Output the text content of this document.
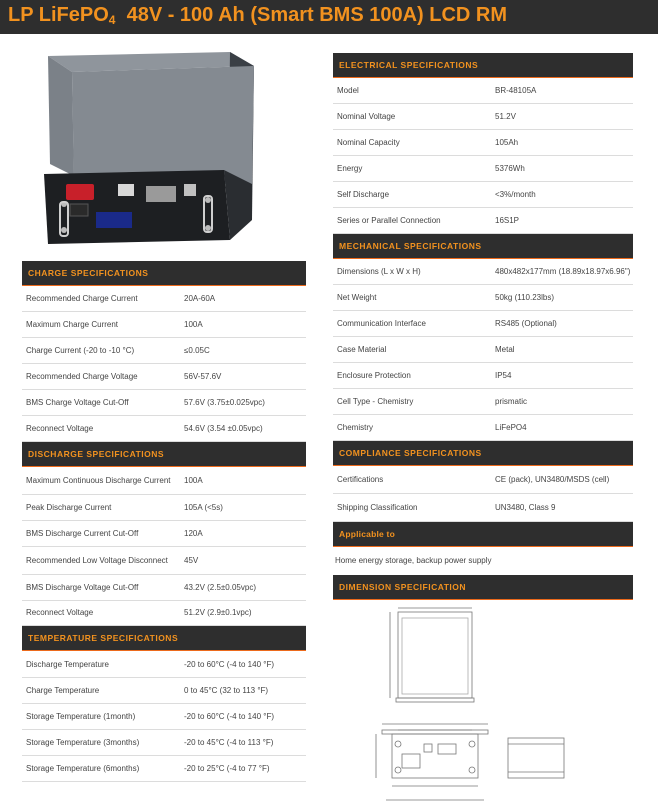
LP LiFePO$_4$  48V - 100 Ah (Smart BMS 100A) LCD RM
CHARGE SPECIFICATIONS
Recommended Charge Current	20A-60A
Maximum Charge Current	100A
Charge Current (-20 to -10 °C)	≤0.05C
Recommended Charge Voltage	56V-57.6V
BMS Charge Voltage Cut-Off	57.6V (3.75±0.025vpc)
Reconnect Voltage	54.6V (3.54 ±0.05vpc)
DISCHARGE SPECIFICATIONS
Maximum Continuous Discharge Current	100A
Peak Discharge Current	105A (<5s)
BMS Discharge Current Cut-Off	120A
Recommended Low Voltage Disconnect	45V
BMS Discharge Voltage Cut-Off	43.2V (2.5±0.05vpc)
Reconnect Voltage	51.2V (2.9±0.1vpc)
TEMPERATURE SPECIFICATIONS
Discharge Temperature	-20 to 60°C (-4 to 140 °F)
Charge Temperature	0 to 45°C (32 to 113 °F)
Storage Temperature (1month)	-20 to 60°C (-4 to 140 °F)
Storage Temperature (3months)	-20 to 45°C (-4 to 113 °F)
Storage Temperature (6months)	-20 to 25°C (-4 to 77 °F)
ELECTRICAL SPECIFICATIONS
Model	BR-48105A
Nominal Voltage	51.2V
Nominal Capacity	105Ah
Energy	5376Wh
Self Discharge	<3%/month
Series or Parallel Connection	16S1P
MECHANICAL SPECIFICATIONS
Dimensions (L x W x H)	480x482x177mm (18.89x18.97x6.96")
Net Weight	50kg (110.23lbs)
Communication Interface	RS485 (Optional)
Case Material	Metal
Enclosure Protection	IP54
Cell Type - Chemistry	prismatic
Chemistry	LiFePO4
COMPLIANCE SPECIFICATIONS
Certifications	CE (pack), UN3480/MSDS (cell)
Shipping Classification	UN3480, Class 9
Applicable to
Home energy storage, backup power supply
DIMENSION SPECIFICATION
